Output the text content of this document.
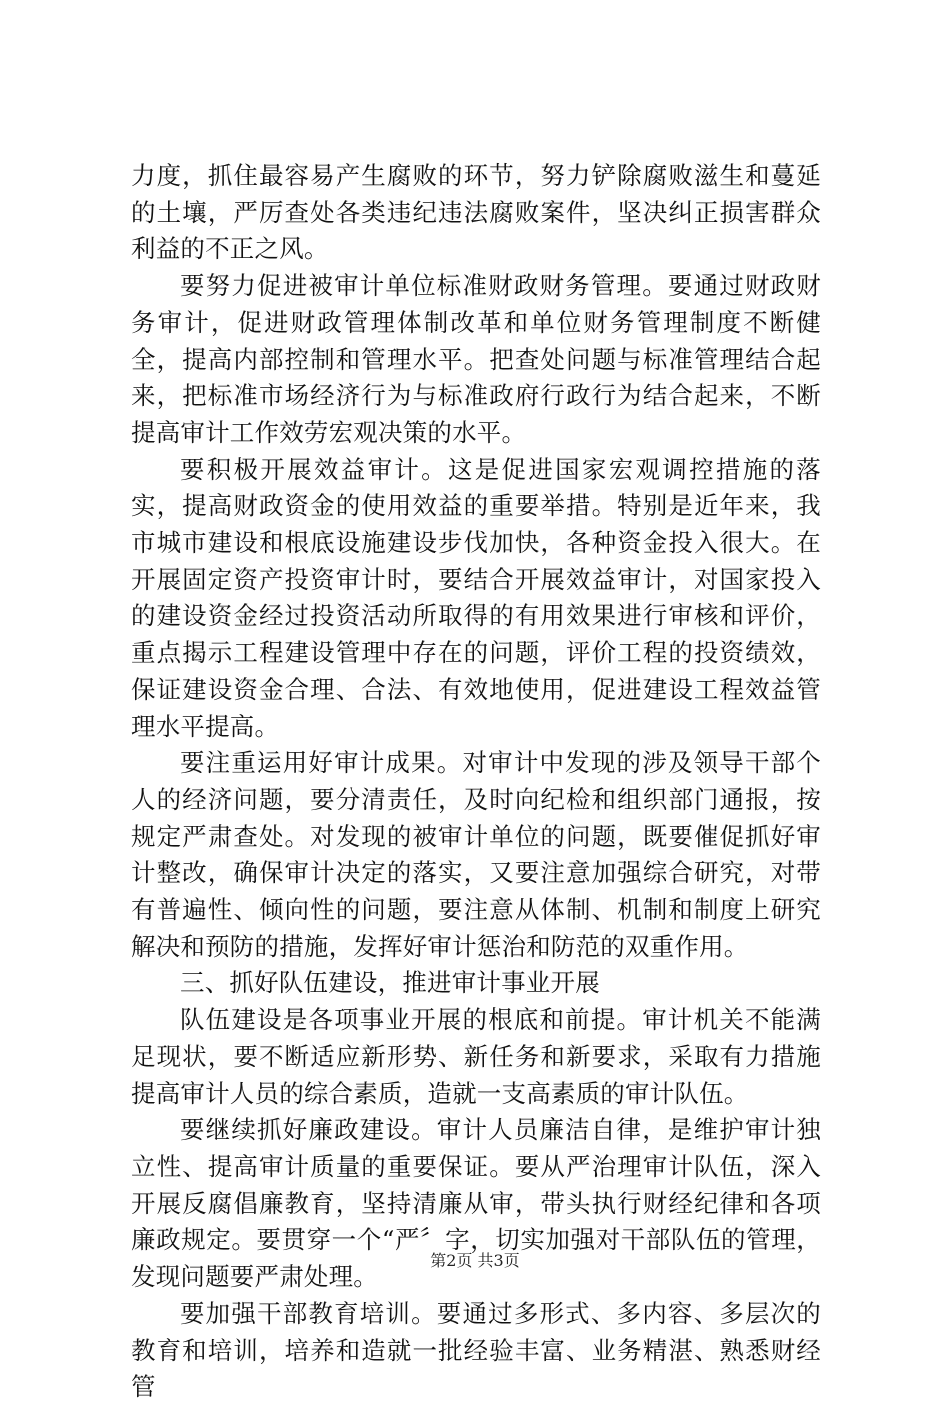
力度，抓住最容易产生腐败的环节，努力铲除腐败滋生和蔓延的土壤，严厉查处各类违纪违法腐败案件，坚决纠正损害群众利益的不正之风。

要努力促进被审计单位标准财政财务管理。要通过财政财务审计，促进财政管理体制改革和单位财务管理制度不断健全，提高内部控制和管理水平。把查处问题与标准管理结合起来，把标准市场经济行为与标准政府行政行为结合起来，不断提高审计工作效劳宏观决策的水平。

要积极开展效益审计。这是促进国家宏观调控措施的落实，提高财政资金的使用效益的重要举措。特别是近年来，我市城市建设和根底设施建设步伐加快，各种资金投入很大。在开展固定资产投资审计时，要结合开展效益审计，对国家投入的建设资金经过投资活动所取得的有用效果进行审核和评价，重点揭示工程建设管理中存在的问题，评价工程的投资绩效，保证建设资金合理、合法、有效地使用，促进建设工程效益管理水平提高。

要注重运用好审计成果。对审计中发现的涉及领导干部个人的经济问题，要分清责任，及时向纪检和组织部门通报，按规定严肃查处。对发现的被审计单位的问题，既要催促抓好审计整改，确保审计决定的落实，又要注意加强综合研究，对带有普遍性、倾向性的问题，要注意从体制、机制和制度上研究解决和预防的措施，发挥好审计惩治和防范的双重作用。

三、抓好队伍建设，推进审计事业开展

队伍建设是各项事业开展的根底和前提。审计机关不能满足现状，要不断适应新形势、新任务和新要求，采取有力措施提高审计人员的综合素质，造就一支高素质的审计队伍。

要继续抓好廉政建设。审计人员廉洁自律，是维护审计独立性、提高审计质量的重要保证。要从严治理审计队伍，深入开展反腐倡廉教育，坚持清廉从审，带头执行财经纪律和各项廉政规定。要贯穿一个“严〞字，切实加强对干部队伍的管理，发现问题要严肃处理。

要加强干部教育培训。要通过多形式、多内容、多层次的教育和培训，培养和造就一批经验丰富、业务精湛、熟悉财经管

第2页 共3页
